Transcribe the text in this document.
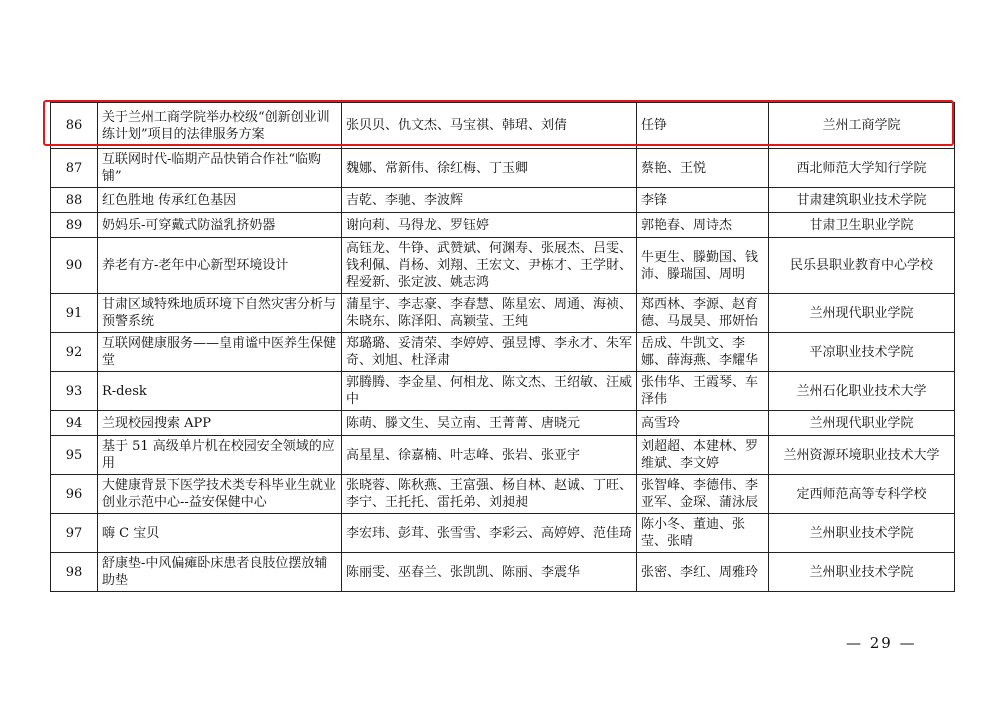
86	关于兰州工商学院举办校级“创新创业训练计划”项目的法律服务方案	张贝贝、仇文杰、马宝祺、韩珺、刘倩	任铮	兰州工商学院
87	互联网时代-临期产品快销合作社“临购铺”	魏娜、常新伟、徐红梅、丁玉卿	蔡艳、王悦	西北师范大学知行学院
88	红色胜地 传承红色基因	吉乾、李驰、李波辉	李锋	甘肃建筑职业技术学院
89	奶妈乐-可穿戴式防溢乳挤奶器	谢向莉、马得龙、罗钰婷	郭艳春、周诗杰	甘肃卫生职业学院
90	养老有方-老年中心新型环境设计	高钰龙、牛铮、武赞斌、何渊寿、张展杰、吕雯、钱利佩、肖杨、刘翔、王宏文、尹栋才、王学財、程爱新、张定波、姚志鸿	牛更生、滕勤国、钱沛、滕瑞国、周明	民乐县职业教育中心学校
91	甘肃区域特殊地质环境下自然灾害分析与预警系统	蒲星宇、李志豪、李春慧、陈星宏、周通、海祯、朱晓东、陈泽阳、高颖莹、王纯	郑西林、李源、赵育德、马晟昊、邢妍怡	兰州现代职业学院
92	互联网健康服务——皇甫谧中医养生保健堂	郑璐璐、妥清荣、李婷婷、强昱博、李永才、朱军奇、刘旭、杜泽肃	岳成、牛凯文、李娜、薛海燕、李耀华	平凉职业技术学院
93	R-desk	郭腾腾、李金星、何相龙、陈文杰、王绍敏、汪威中	张伟华、王霞琴、车泽伟	兰州石化职业技术大学
94	兰现校园搜索 APP	陈萌、滕文生、吴立南、王菁菁、唐晓元	高雪玲	兰州现代职业学院
95	基于 51 高级单片机在校园安全领域的应用	高星星、徐嘉楠、叶志峰、张岩、张亚宇	刘超超、本建林、罗维斌、李文婷	兰州资源环境职业技术大学
96	大健康背景下医学技术类专科毕业生就业创业示范中心--益安保健中心	张晓蓉、陈秋燕、王富强、杨自林、赵诚、丁旺、李宁、王托托、雷托弟、刘昶昶	张智峰、李德伟、李亚军、金琛、蒲泳辰	定西师范高等专科学校
97	嗨 C 宝贝	李宏玮、彭茸、张雪雪、李彩云、高婷婷、范佳琦	陈小冬、董迪、张莹、张晴	兰州职业技术学院
98	舒康垫-中风偏瘫卧床患者良肢位摆放辅助垫	陈丽雯、巫春兰、张凯凯、陈丽、李震华	张密、李红、周雅玲	兰州职业技术学院
— 29 —
